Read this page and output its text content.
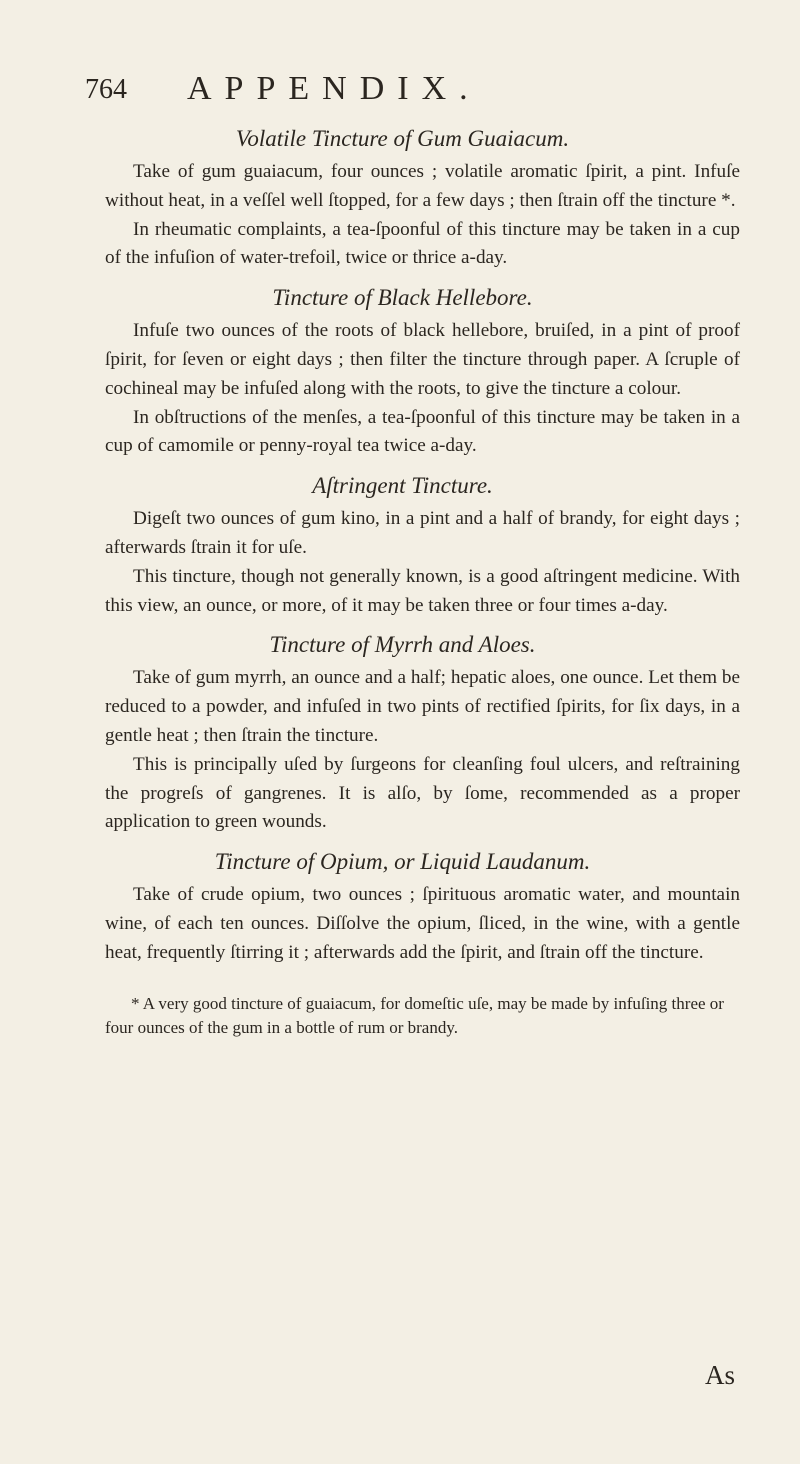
764 APPENDIX.
Volatile Tincture of Gum Guaiacum.

Take of gum guaiacum, four ounces ; volatile aromatic ſpirit, a pint. Infuſe without heat, in a veſſel well ſtopped, for a few days ; then ſtrain off the tincture *.

In rheumatic complaints, a tea-ſpoonful of this tincture may be taken in a cup of the infuſion of water-trefoil, twice or thrice a-day.

Tincture of Black Hellebore.

Infuſe two ounces of the roots of black hellebore, bruiſed, in a pint of proof ſpirit, for ſeven or eight days ; then filter the tincture through paper. A ſcruple of cochineal may be infuſed along with the roots, to give the tincture a colour.

In obſtructions of the menſes, a tea-ſpoonful of this tincture may be taken in a cup of camomile or penny-royal tea twice a-day.

Aſtringent Tincture.

Digeſt two ounces of gum kino, in a pint and a half of brandy, for eight days ; afterwards ſtrain it for uſe.

This tincture, though not generally known, is a good aſtringent medicine. With this view, an ounce, or more, of it may be taken three or four times a-day.

Tincture of Myrrh and Aloes.

Take of gum myrrh, an ounce and a half; hepatic aloes, one ounce. Let them be reduced to a powder, and infuſed in two pints of rectified ſpirits, for ſix days, in a gentle heat ; then ſtrain the tincture.

This is principally uſed by ſurgeons for cleanſing foul ulcers, and reſtraining the progreſs of gangrenes. It is alſo, by ſome, recommended as a proper application to green wounds.

Tincture of Opium, or Liquid Laudanum.

Take of crude opium, two ounces ; ſpirituous aromatic water, and mountain wine, of each ten ounces. Diſſolve the opium, ſliced, in the wine, with a gentle heat, frequently ſtirring it ; afterwards add the ſpirit, and ſtrain off the tincture.

* A very good tincture of guaiacum, for domeſtic uſe, may be made by infuſing three or four ounces of the gum in a bottle of rum or brandy.

As
